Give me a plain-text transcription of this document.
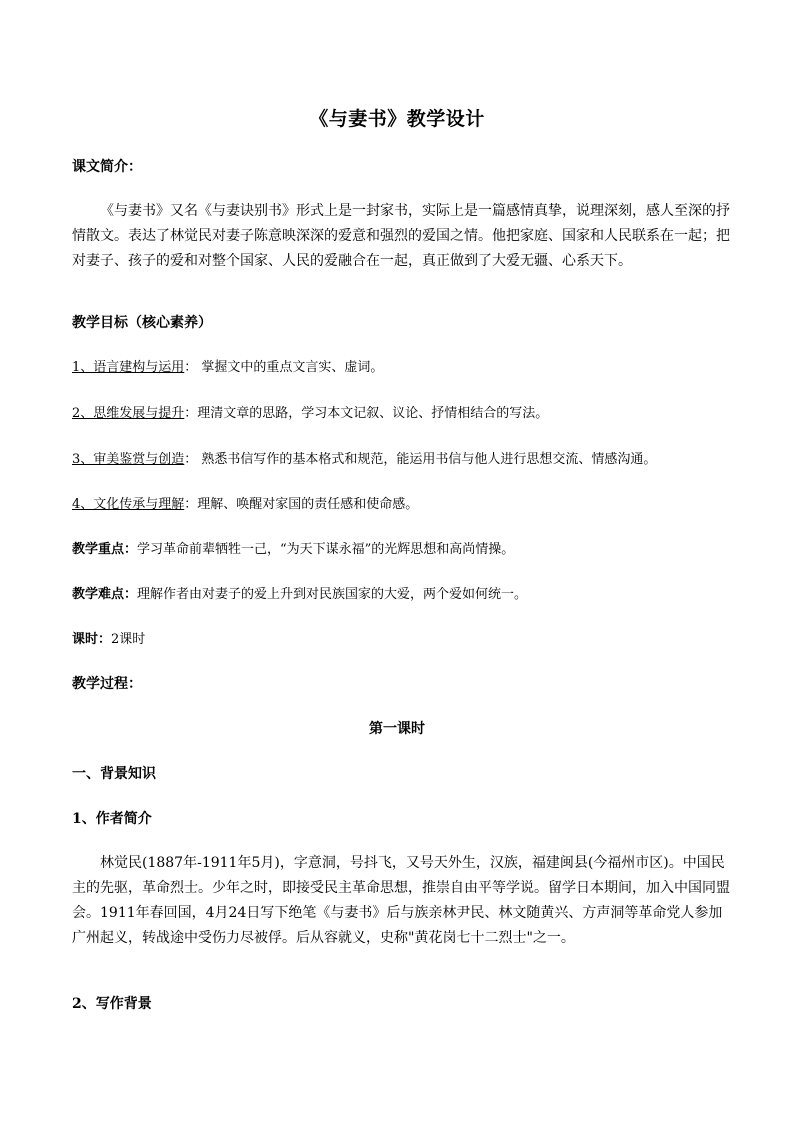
《与妻书》教学设计
课文简介：
《与妻书》又名《与妻诀别书》形式上是一封家书，实际上是一篇感情真挚，说理深刻，感人至深的抒情散文。表达了林觉民对妻子陈意映深深的爱意和强烈的爱国之情。他把家庭、国家和人民联系在一起；把对妻子、孩子的爱和对整个国家、人民的爱融合在一起，真正做到了大爱无疆、心系天下。
教学目标（核心素养）
1、语言建构与运用： 掌握文中的重点文言实、虚词。
2、思维发展与提升：理清文章的思路，学习本文记叙、议论、抒情相结合的写法。
3、审美鉴赏与创造： 熟悉书信写作的基本格式和规范，能运用书信与他人进行思想交流、情感沟通。
4、文化传承与理解：理解、唤醒对家国的责任感和使命感。
教学重点：学习革命前辈牺牲一己，“为天下谋永福”的光辉思想和高尚情操。
教学难点：理解作者由对妻子的爱上升到对民族国家的大爱，两个爱如何统一。
课时：2课时
教学过程：
第一课时
一、背景知识
1、作者简介
林觉民(1887年-1911年5月)，字意洞，号抖飞，又号天外生，汉族，福建闽县(今福州市区)。中国民主的先驱，革命烈士。少年之时，即接受民主革命思想，推崇自由平等学说。留学日本期间，加入中国同盟会。1911年春回国，4月24日写下绝笔《与妻书》后与族亲林尹民、林文随黄兴、方声洞等革命党人参加广州起义，转战途中受伤力尽被俘。后从容就义，史称"黄花岗七十二烈士"之一。
2、写作背景
